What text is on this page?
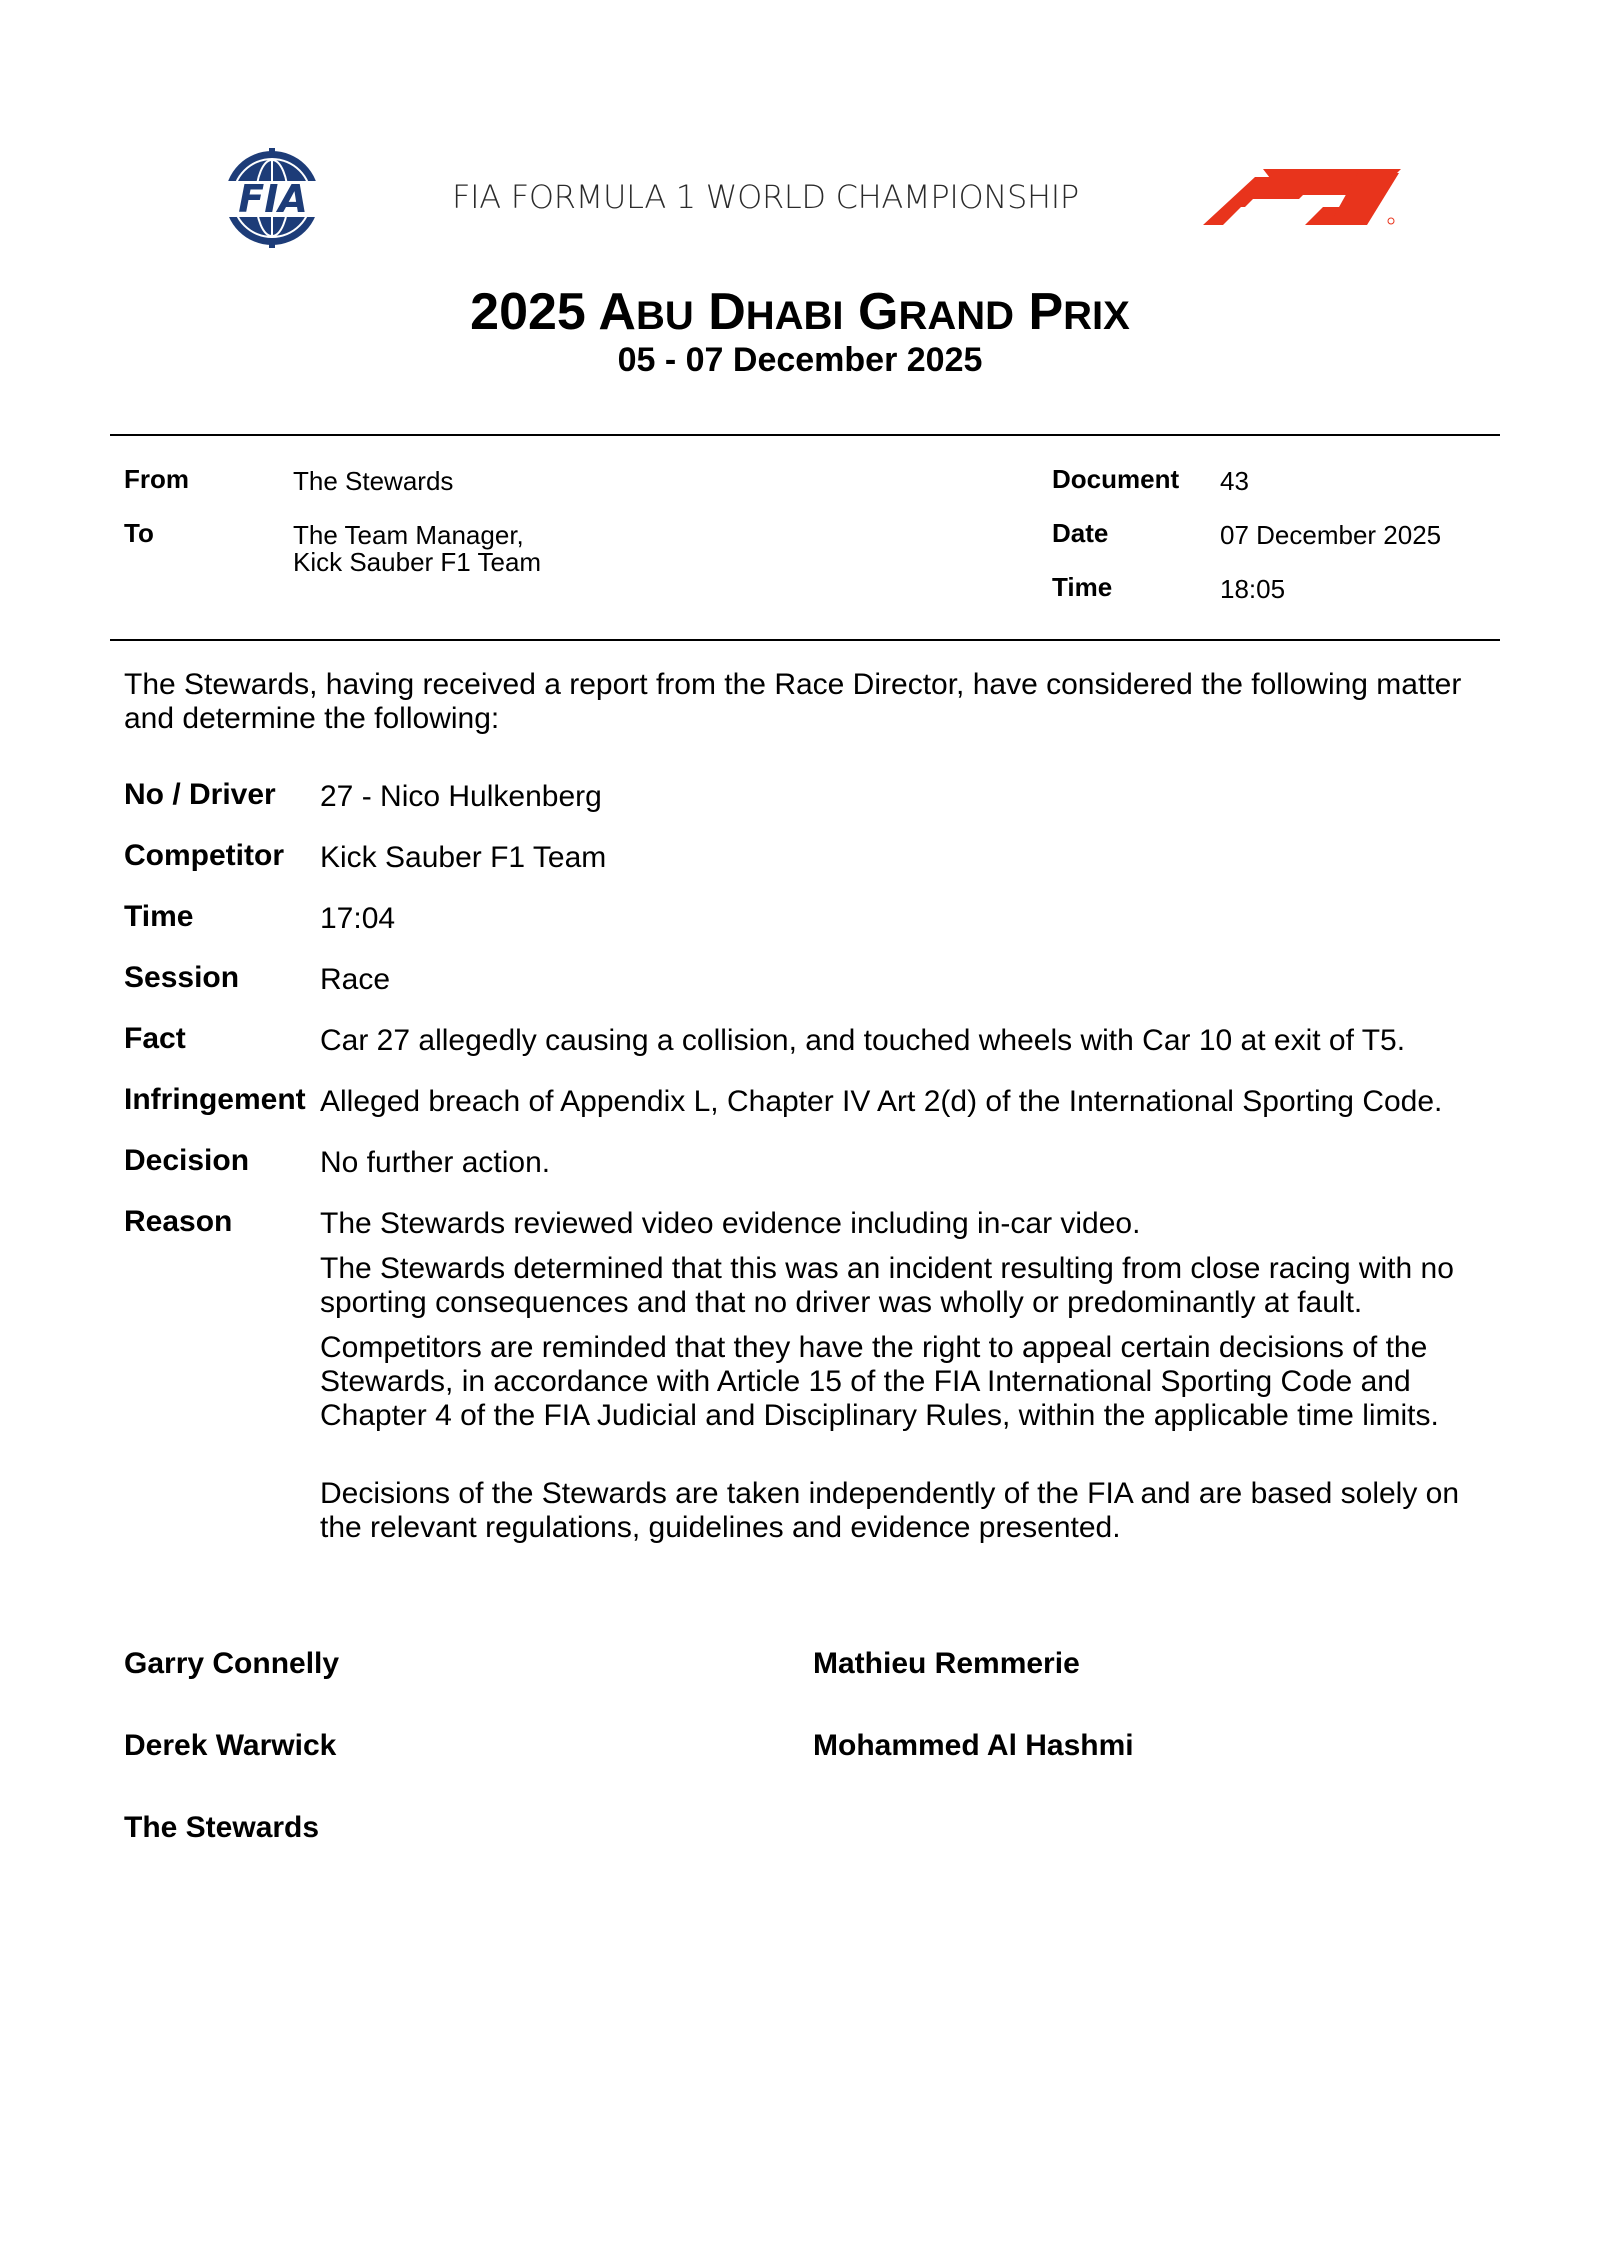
FIA	FIA FORMULA 1 WORLD CHAMPIONSHIP
2025 ABU DHABI GRAND PRIX
05 - 07 December 2025
From	The Stewards
To	The Team Manager,
Kick Sauber F1 Team
Document 43
Date	07 December 2025
Time	18:05
The Stewards, having received a report from the Race Director, have considered the following matter and determine the following:
No / Driver 27 - Nico Hulkenberg
Competitor Kick Sauber F1 Team
Time	17:04
Session	Race
Fact	Car 27 allegedly causing a collision, and touched wheels with Car 10 at exit of T5.
Infringement Alleged breach of Appendix L, Chapter IV Art 2(d) of the International Sporting Code.
Decision No further action.
Reason	The Stewards reviewed video evidence including in-car video.
The Stewards determined that this was an incident resulting from close racing with no sporting consequences and that no driver was wholly or predominantly at fault.
Competitors are reminded that they have the right to appeal certain decisions of the Stewards, in accordance with Article 15 of the FIA International Sporting Code and Chapter 4 of the FIA Judicial and Disciplinary Rules, within the applicable time limits.
Decisions of the Stewards are taken independently of the FIA and are based solely on the relevant regulations, guidelines and evidence presented.
Garry Connelly	Mathieu Remmerie
Derek Warwick	Mohammed Al Hashmi
The Stewards
